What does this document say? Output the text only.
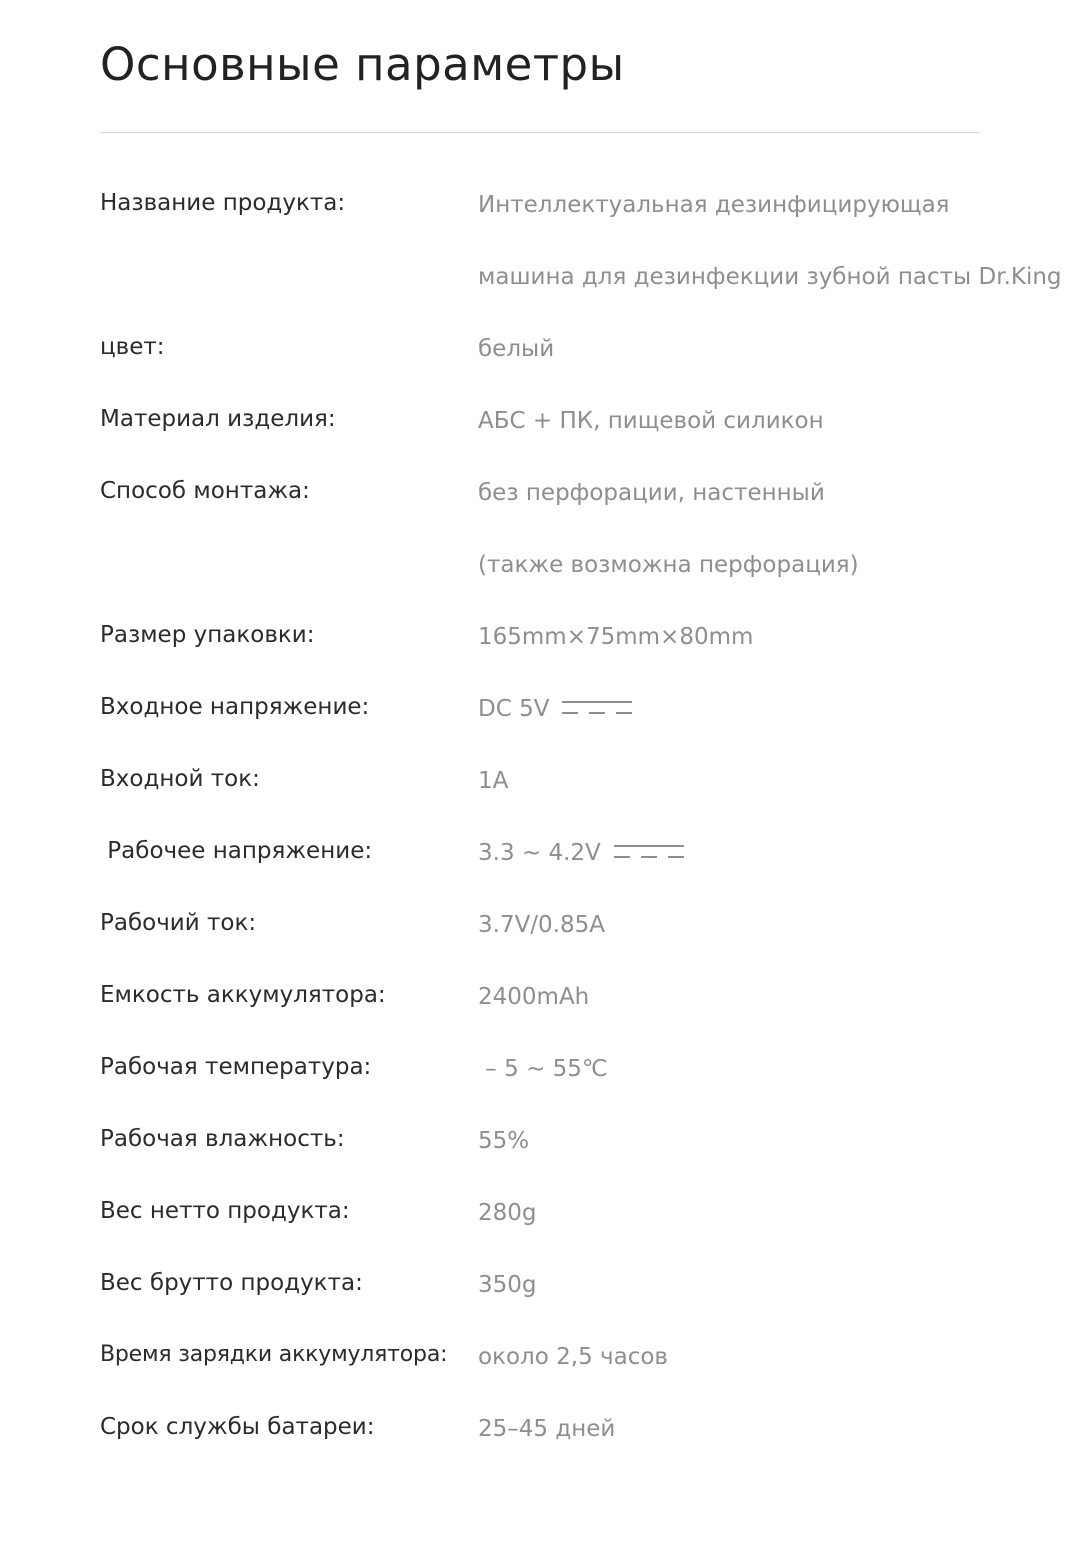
Основные параметры
Название продукта:	Интеллектуальная дезинфицирующая
машина для дезинфекции зубной пасты Dr.King
цвет:	белый
Материал изделия:	АБС + ПК, пищевой силикон
Способ монтажа:	без перфорации, настенный
(также возможна перфорация)
Размер упаковки:	165mm×75mm×80mm
Входное напряжение:	DC 5V
Входной ток:	1A
Рабочее напряжение:	3.3 ~ 4.2V
Рабочий ток:	3.7V/0.85A
Емкость аккумулятора:	2400mAh
Рабочая температура:	– 5 ~ 55℃
Рабочая влажность:	55%
Вес нетто продукта:	280g
Вес брутто продукта:	350g
Время зарядки аккумулятора: около 2,5 часов
Срок службы батареи:	25–45 дней
